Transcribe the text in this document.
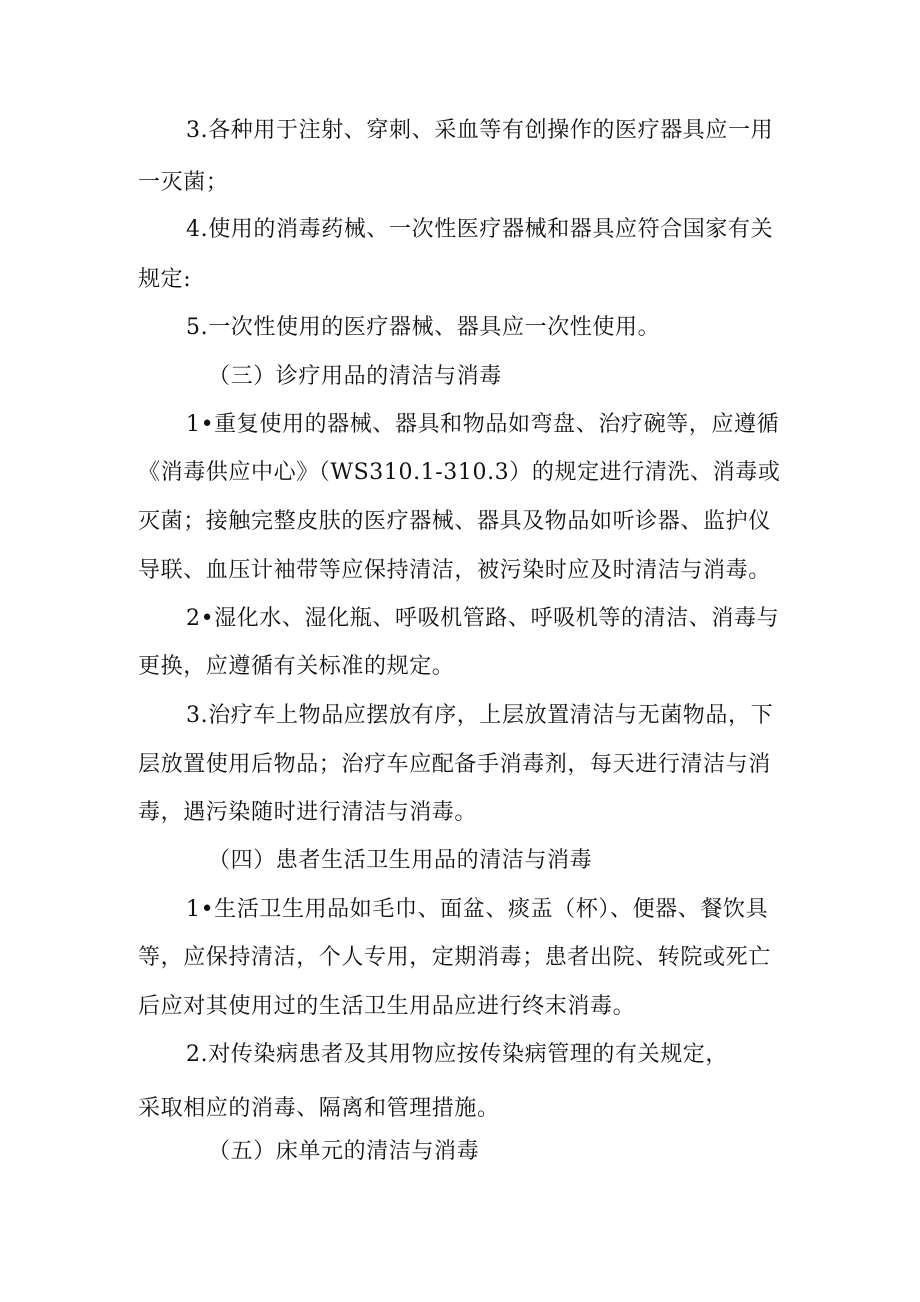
3.各种用于注射、穿刺、采血等有创操作的医疗器具应一用
一灭菌；
4.使用的消毒药械、一次性医疗器械和器具应符合国家有关
规定:
5.一次性使用的医疗器械、器具应一次性使用。
（三）诊疗用品的清洁与消毒
1•重复使用的器械、器具和物品如弯盘、治疗碗等，应遵循
《消毒供应中心》（WS310.1-310.3）的规定进行清洗、消毒或
灭菌；接触完整皮肤的医疗器械、器具及物品如听诊器、监护仪
导联、血压计袖带等应保持清洁，被污染时应及时清洁与消毒。
2•湿化水、湿化瓶、呼吸机管路、呼吸机等的清洁、消毒与
更换，应遵循有关标准的规定。
3.治疗车上物品应摆放有序，上层放置清洁与无菌物品，下
层放置使用后物品；治疗车应配备手消毒剂，每天进行清洁与消
毒，遇污染随时进行清洁与消毒。
（四）患者生活卫生用品的清洁与消毒
1•生活卫生用品如毛巾、面盆、痰盂（杯）、便器、餐饮具
等，应保持清洁，个人专用，定期消毒；患者出院、转院或死亡
后应对其使用过的生活卫生用品应进行终末消毒。
2.对传染病患者及其用物应按传染病管理的有关规定，
采取相应的消毒、隔离和管理措施。
（五）床单元的清洁与消毒
